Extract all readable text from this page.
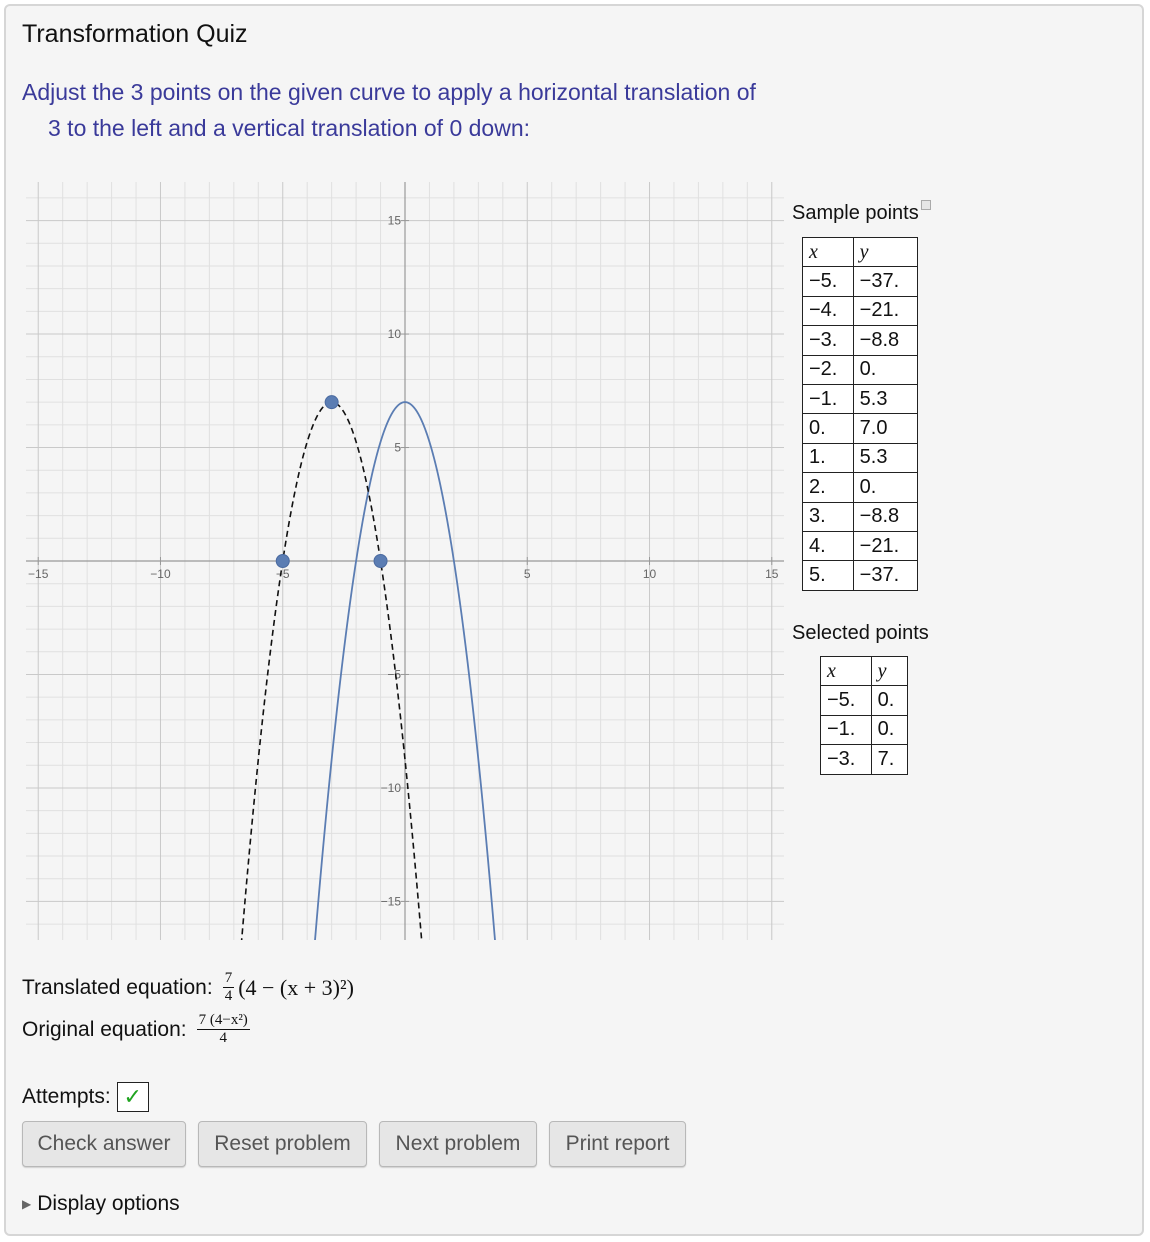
Transformation Quiz
Adjust the 3 points on the given curve to apply a horizontal translation of
3 to the left and a vertical translation of 0 down:
−15	−10	−5	5	10	15
15
10
5
−5
−10
−15
Sample points
x	y
−5.	−37.
−4.	−21.
−3.	−8.8
−2.	0.
−1.	5.3
0.	7.0
1.	5.3
2.	0.
3.	−8.8
4.	−21.
5.	−37.
Selected points
x	y
−5.	0.
−1.	0.
−3.	7.
Translated equation: $\frac{7}{4} (4 - (x + 3)^2)$
Original equation: $\frac{\text{7 (4−x²)}}{4}$
Attempts: ✓
Check answer	Reset problem	Next problem	Print report
▶ Display options
